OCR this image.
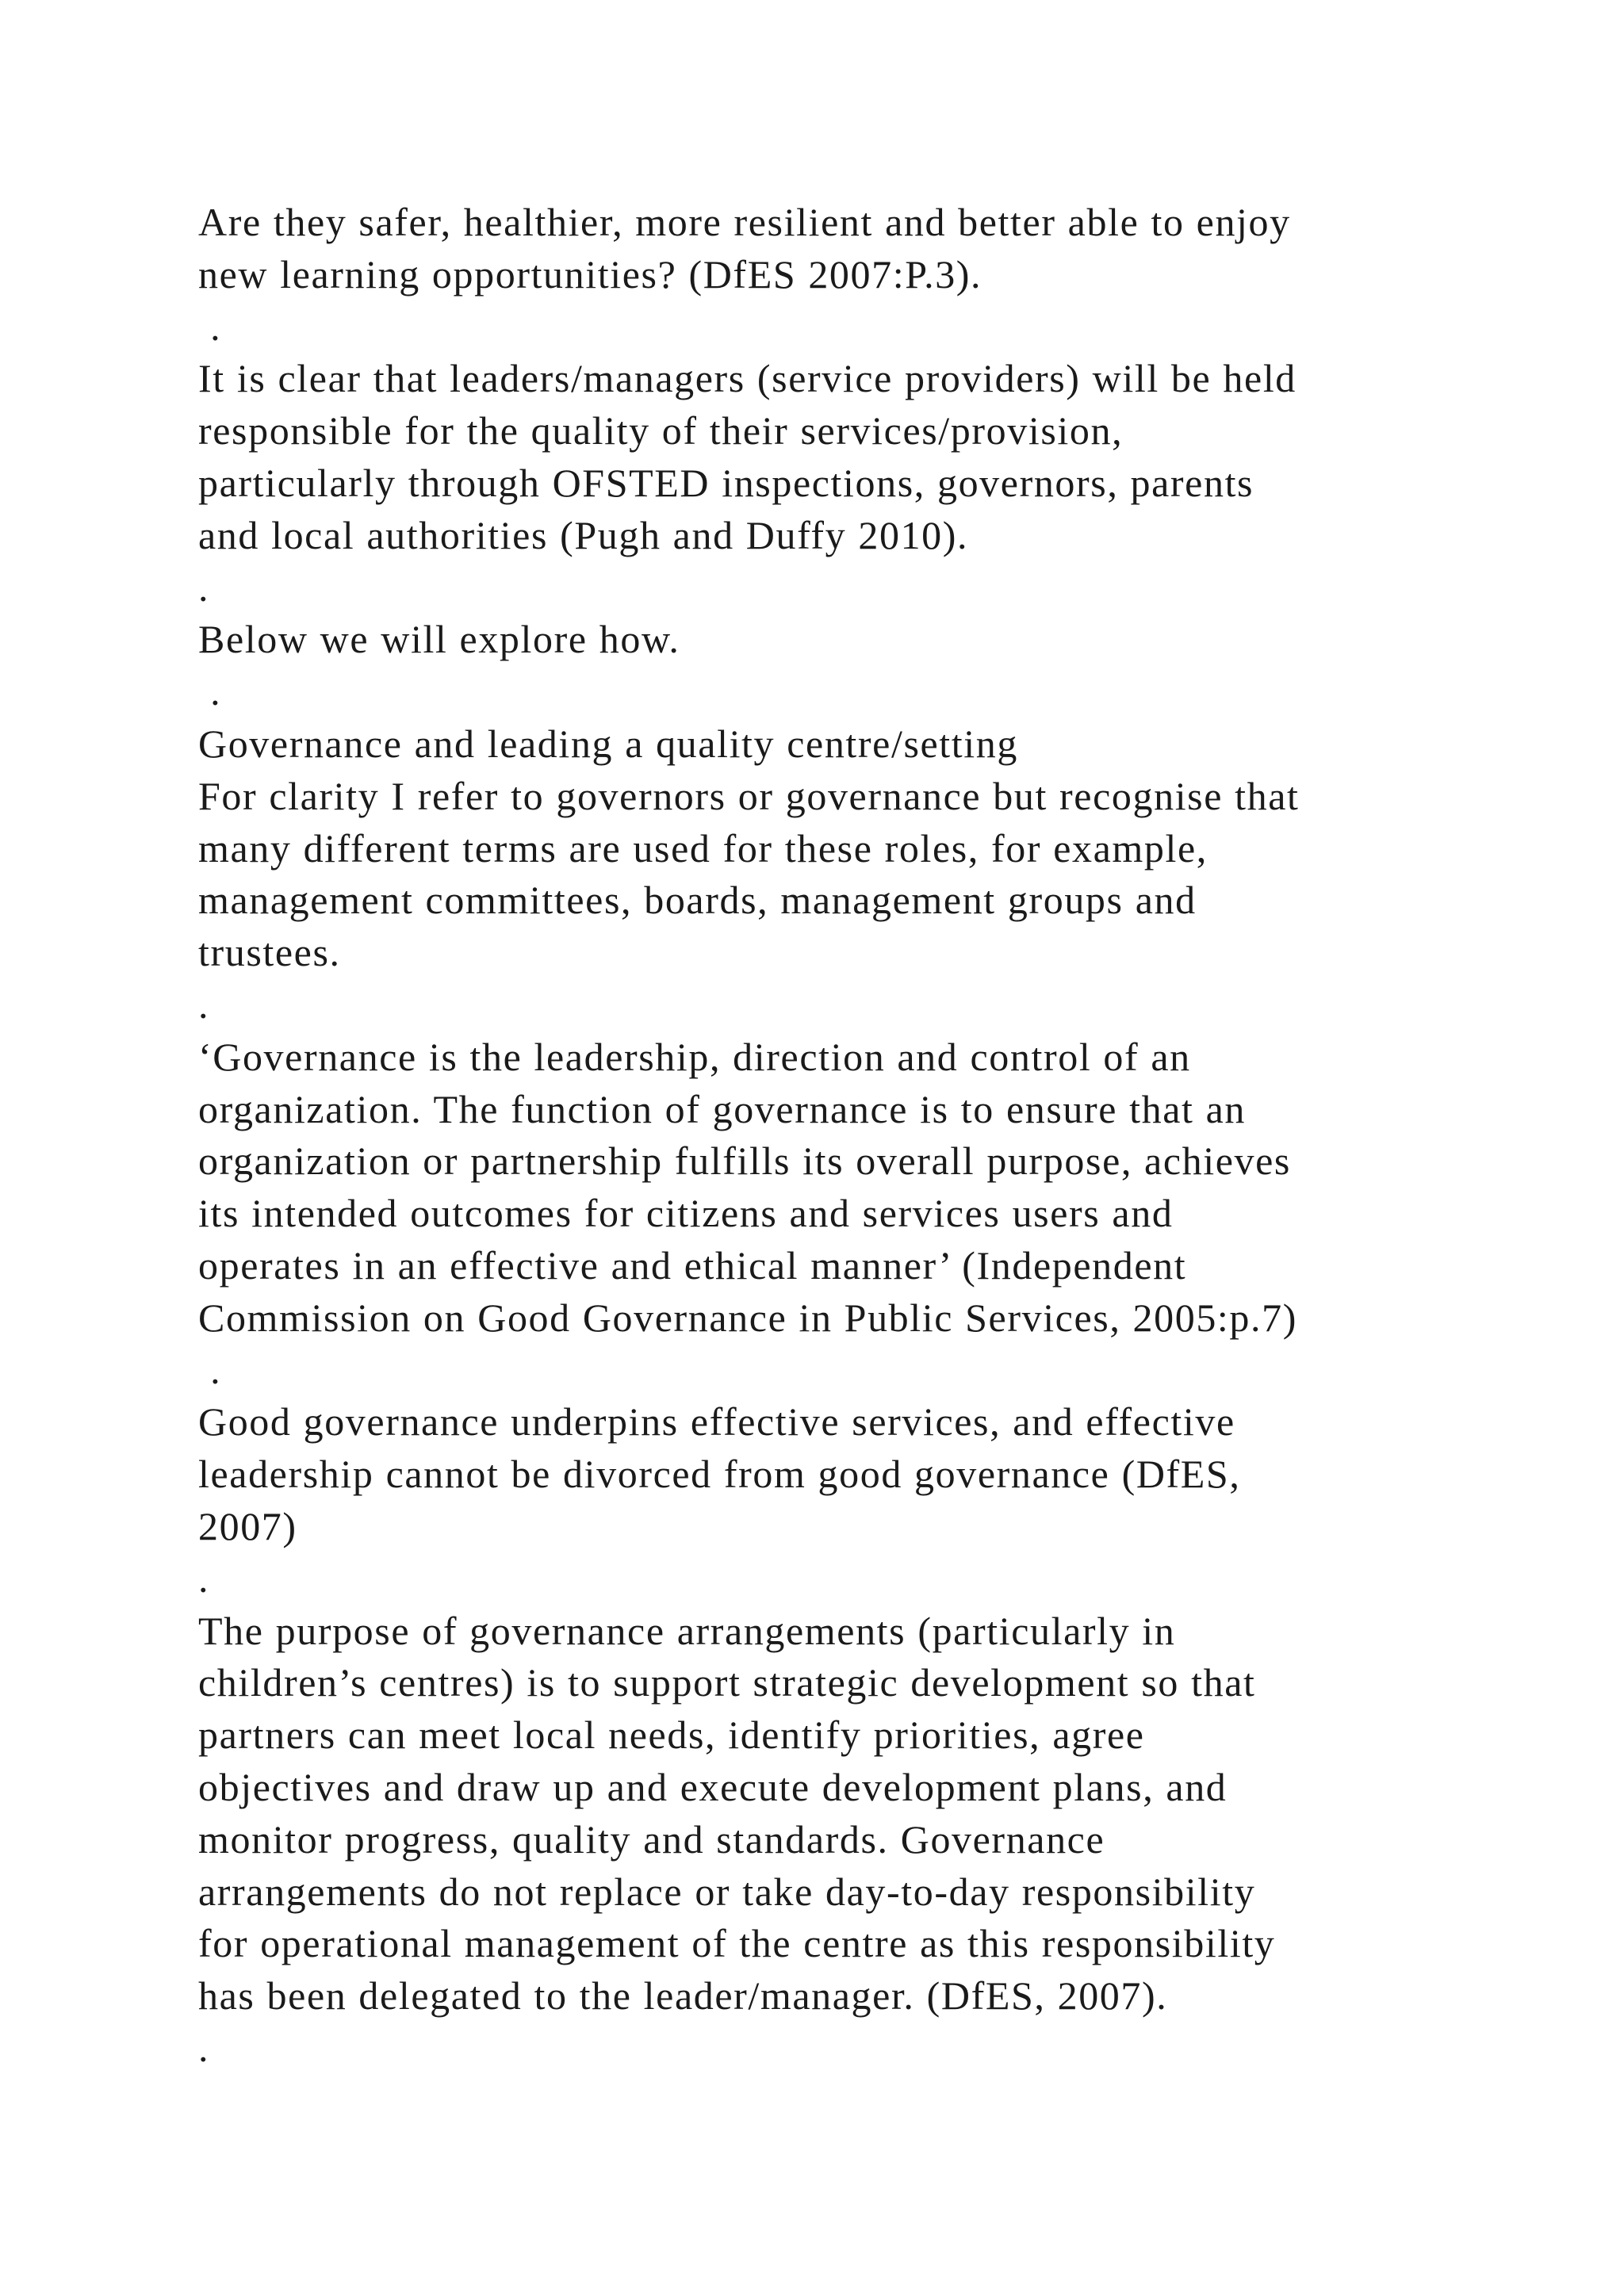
Are they safer, healthier, more resilient and better able to enjoy
new learning opportunities? (DfES 2007:P.3).
.
It is clear that leaders/managers (service providers) will be held
responsible for the quality of their services/provision,
particularly through OFSTED inspections, governors, parents
and local authorities (Pugh and Duffy 2010).
.
Below we will explore how.
.
Governance and leading a quality centre/setting
For clarity I refer to governors or governance but recognise that
many different terms are used for these roles, for example,
management committees, boards, management groups and
trustees.
.
‘Governance is the leadership, direction and control of an
organization. The function of governance is to ensure that an
organization or partnership fulfills its overall purpose, achieves
its intended outcomes for citizens and services users and
operates in an effective and ethical manner’ (Independent
Commission on Good Governance in Public Services, 2005:p.7)
.
Good governance underpins effective services, and effective
leadership cannot be divorced from good governance (DfES,
2007)
.
The purpose of governance arrangements (particularly in
children’s centres) is to support strategic development so that
partners can meet local needs, identify priorities, agree
objectives and draw up and execute development plans, and
monitor progress, quality and standards. Governance
arrangements do not replace or take day-to-day responsibility
for operational management of the centre as this responsibility
has been delegated to the leader/manager. (DfES, 2007).
.
